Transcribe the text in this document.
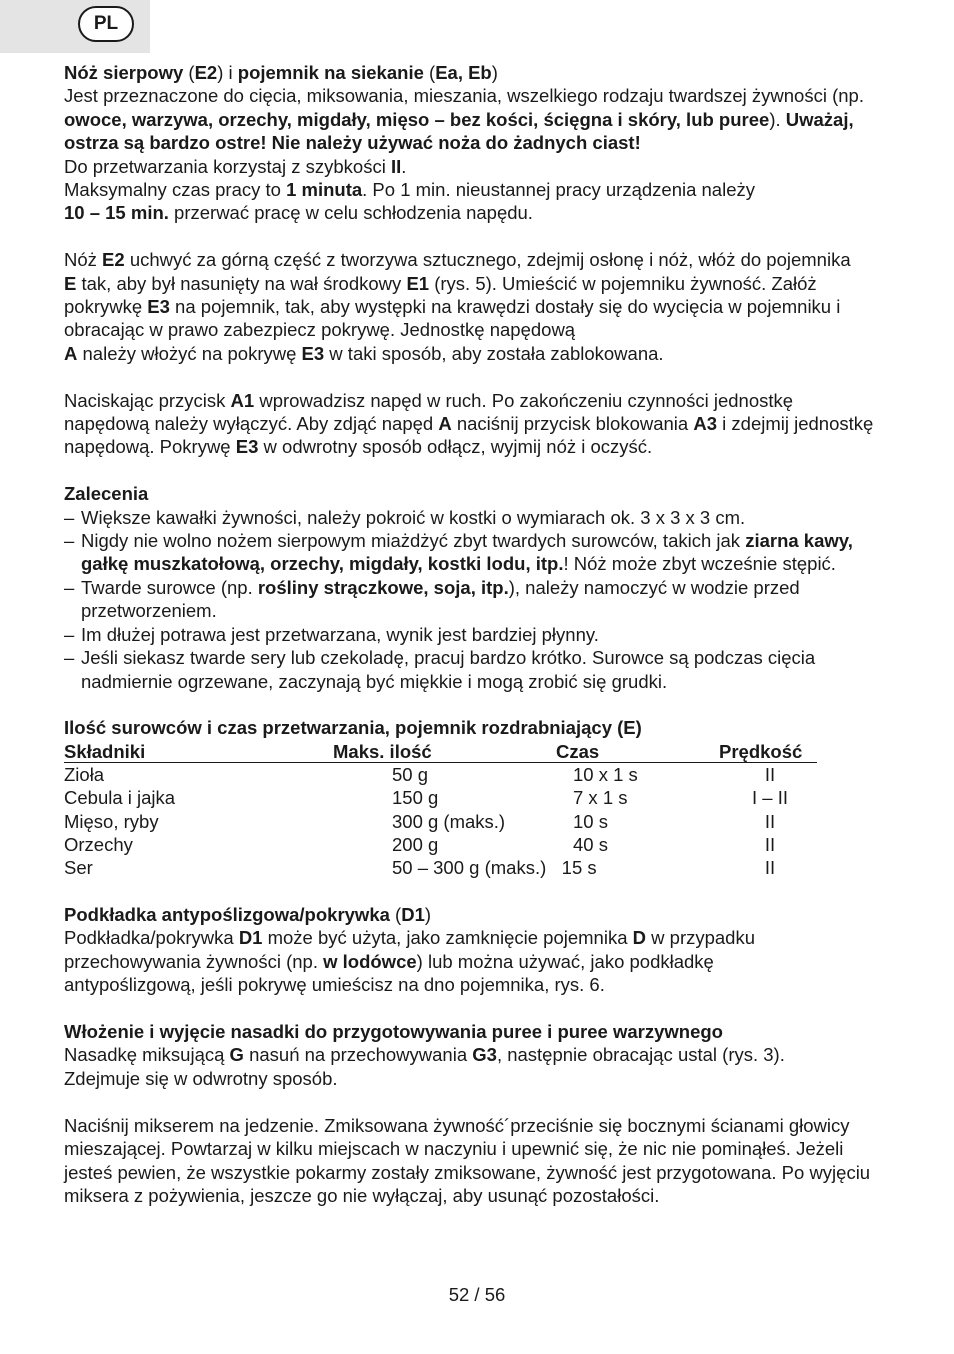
PL

Nóż sierpowy (E2) i pojemnik na siekanie (Ea, Eb)

Jest przeznaczone do cięcia, miksowania, mieszania, wszelkiego rodzaju twardszej żywności (np. owoce, warzywa, orzechy, migdały, mięso – bez kości, ścięgna i skóry, lub puree). Uważaj, ostrza są bardzo ostre! Nie należy używać noża do żadnych ciast!

Do przetwarzania korzystaj z szybkości II.

Maksymalny czas pracy to 1 minuta. Po 1 min. nieustannej pracy urządzenia należy
10 – 15 min. przerwać pracę w celu schłodzenia napędu.

Nóż E2 uchwyć za górną część z tworzywa sztucznego, zdejmij osłonę i nóż, włóż do pojemnika E tak, aby był nasunięty na wał środkowy E1 (rys. 5). Umieścić w pojemniku żywność. Załóż pokrywkę E3 na pojemnik, tak, aby występki na krawędzi dostały się do wycięcia w pojemniku i obracając w prawo zabezpiecz pokrywę. Jednostkę napędową
A należy włożyć na pokrywę E3 w taki sposób, aby została zablokowana.

Naciskając przycisk A1 wprowadzisz napęd w ruch. Po zakończeniu czynności jednostkę napędową należy wyłączyć. Aby zdjąć napęd A naciśnij przycisk blokowania A3 i zdejmij jednostkę napędową. Pokrywę E3 w odwrotny sposób odłącz, wyjmij nóż i oczyść.

Zalecenia

– Większe kawałki żywności, należy pokroić w kostki o wymiarach ok. 3 x 3 x 3 cm.
– Nigdy nie wolno nożem sierpowym miażdżyć zbyt twardych surowców, takich jak ziarna kawy, gałkę muszkatołową, orzechy, migdały, kostki lodu, itp.! Nóż może zbyt wcześnie stępić.
– Twarde surowce (np. rośliny strączkowe, soja, itp.), należy namoczyć w wodzie przed przetworzeniem.
– Im dłużej potrawa jest przetwarzana, wynik jest bardziej płynny.
– Jeśli siekasz twarde sery lub czekoladę, pracuj bardzo krótko. Surowce są podczas cięcia nadmiernie ogrzewane, zaczynają być miękkie i mogą zrobić się grudki.

Ilość surowców i czas przetwarzania, pojemnik rozdrabniający (E)

Składniki	Maks. ilość	Czas	Prędkość
Zioła	50 g	10 x 1 s	II
Cebula i jajka	150 g	7 x 1 s	I – II
Mięso, ryby	300 g (maks.)	10 s	II
Orzechy	200 g	40 s	II
Ser	50 – 300 g (maks.)   15 s	II

Podkładka antypoślizgowa/pokrywka (D1)

Podkładka/pokrywka D1 może być użyta, jako zamknięcie pojemnika D w przypadku przechowywania żywności (np. w lodówce) lub można używać, jako podkładkę antypoślizgową, jeśli pokrywę umieścisz na dno pojemnika, rys. 6.

Włożenie i wyjęcie nasadki do przygotowywania puree i puree warzywnego

Nasadkę miksującą G nasuń na przechowywania G3, następnie obracając ustal (rys. 3).
Zdejmuje się w odwrotny sposób.

Naciśnij mikserem na jedzenie. Zmiksowana żywność´przeciśnie się bocznymi ścianami głowicy mieszającej. Powtarzaj w kilku miejscach w naczyniu i upewnić się, że nic nie pominąłeś. Jeżeli jesteś pewien, że wszystkie pokarmy zostały zmiksowane, żywność jest przygotowana. Po wyjęciu miksera z pożywienia, jeszcze go nie wyłączaj, aby usunąć pozostałości.

52 / 56
